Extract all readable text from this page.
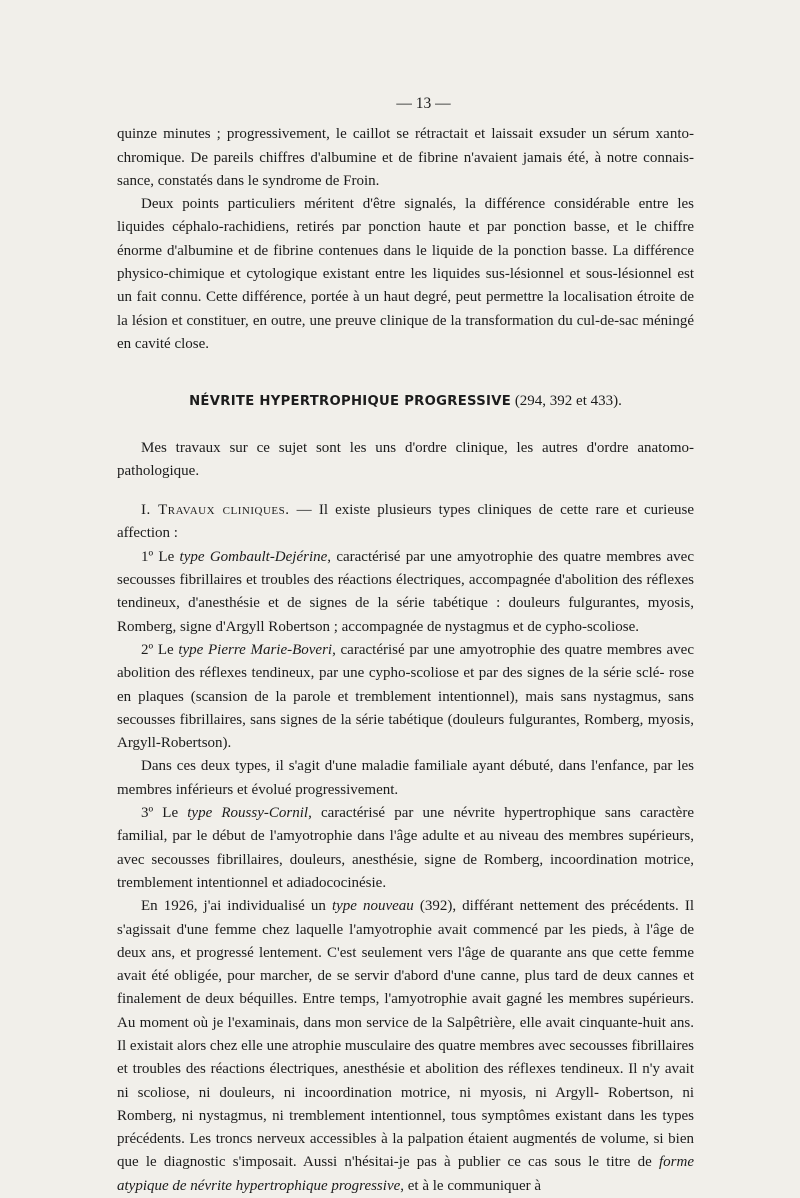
— 13 —

quinze minutes ; progressivement, le caillot se rétractait et laissait exsuder un sérum xanto- chromique. De pareils chiffres d'albumine et de fibrine n'avaient jamais été, à notre connais- sance, constatés dans le syndrome de Froin.

Deux points particuliers méritent d'être signalés, la différence considérable entre les liquides céphalo-rachidiens, retirés par ponction haute et par ponction basse, et le chiffre énorme d'albumine et de fibrine contenues dans le liquide de la ponction basse. La différence physico-chimique et cytologique existant entre les liquides sus-lésionnel et sous-lésionnel est un fait connu. Cette différence, portée à un haut degré, peut permettre la localisation étroite de la lésion et constituer, en outre, une preuve clinique de la transformation du cul-de-sac méningé en cavité close.

NÉVRITE HYPERTROPHIQUE PROGRESSIVE (294, 392 et 433).

Mes travaux sur ce sujet sont les uns d'ordre clinique, les autres d'ordre anatomo- pathologique.

I. Travaux cliniques. — Il existe plusieurs types cliniques de cette rare et curieuse affection :

1º Le type Gombault-Dejérine, caractérisé par une amyotrophie des quatre membres avec secousses fibrillaires et troubles des réactions électriques, accompagnée d'abolition des réflexes tendineux, d'anesthésie et de signes de la série tabétique : douleurs fulgurantes, myosis, Romberg, signe d'Argyll Robertson ; accompagnée de nystagmus et de cypho-scoliose.

2º Le type Pierre Marie-Boveri, caractérisé par une amyotrophie des quatre membres avec abolition des réflexes tendineux, par une cypho-scoliose et par des signes de la série sclé- rose en plaques (scansion de la parole et tremblement intentionnel), mais sans nystagmus, sans secousses fibrillaires, sans signes de la série tabétique (douleurs fulgurantes, Romberg, myosis, Argyll-Robertson).

Dans ces deux types, il s'agit d'une maladie familiale ayant débuté, dans l'enfance, par les membres inférieurs et évolué progressivement.

3º Le type Roussy-Cornil, caractérisé par une névrite hypertrophique sans caractère familial, par le début de l'amyotrophie dans l'âge adulte et au niveau des membres supérieurs, avec secousses fibrillaires, douleurs, anesthésie, signe de Romberg, incoordination motrice, tremblement intentionnel et adiadococinésie.

En 1926, j'ai individualisé un type nouveau (392), différant nettement des précédents. Il s'agissait d'une femme chez laquelle l'amyotrophie avait commencé par les pieds, à l'âge de deux ans, et progressé lentement. C'est seulement vers l'âge de quarante ans que cette femme avait été obligée, pour marcher, de se servir d'abord d'une canne, plus tard de deux cannes et finalement de deux béquilles. Entre temps, l'amyotrophie avait gagné les membres supérieurs. Au moment où je l'examinais, dans mon service de la Salpêtrière, elle avait cinquante-huit ans. Il existait alors chez elle une atrophie musculaire des quatre membres avec secousses fibrillaires et troubles des réactions électriques, anesthésie et abolition des réflexes tendineux. Il n'y avait ni scoliose, ni douleurs, ni incoordination motrice, ni myosis, ni Argyll- Robertson, ni Romberg, ni nystagmus, ni tremblement intentionnel, tous symptômes existant dans les types précédents. Les troncs nerveux accessibles à la palpation étaient augmentés de volume, si bien que le diagnostic s'imposait. Aussi n'hésitai-je pas à publier ce cas sous le titre de forme atypique de névrite hypertrophique progressive, et à le communiquer à
